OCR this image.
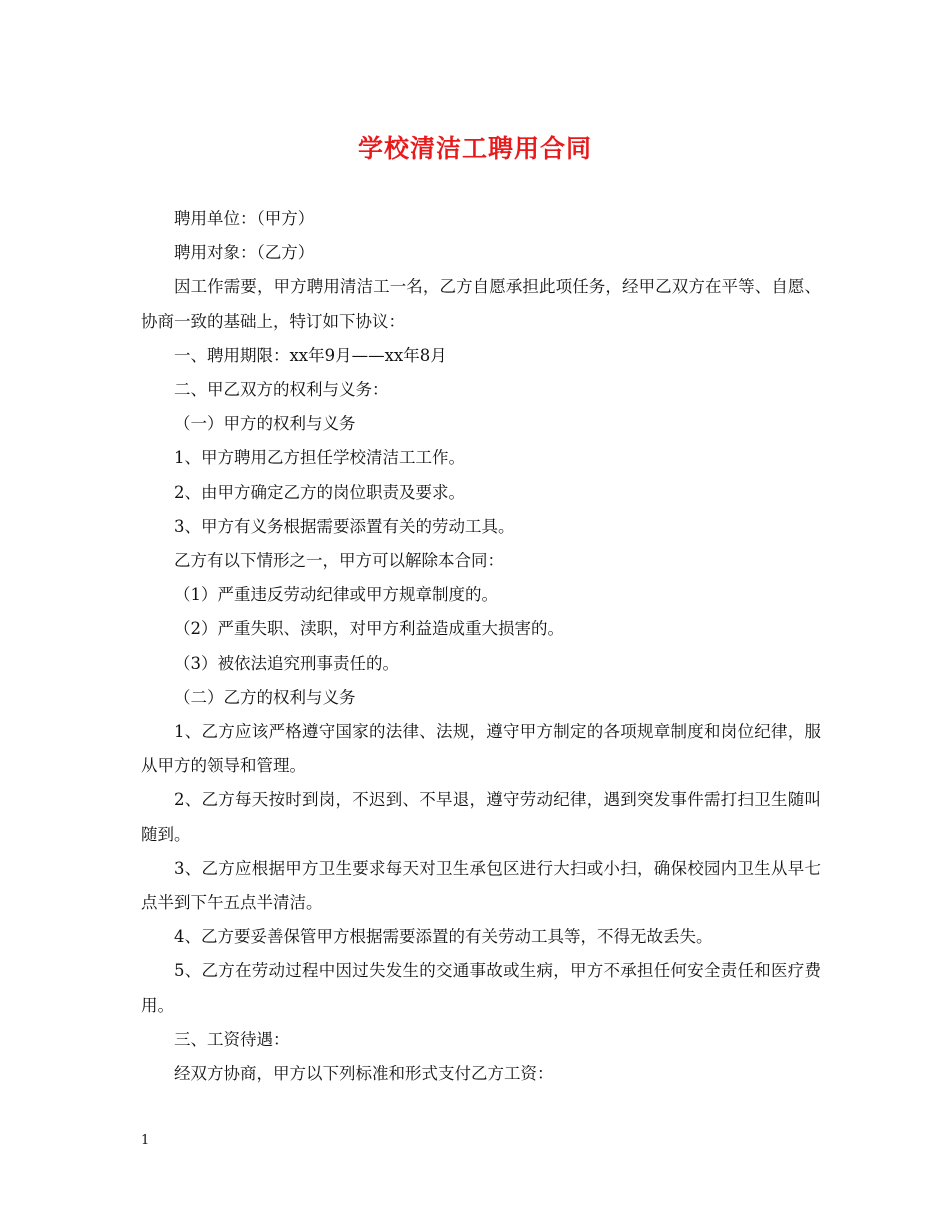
学校清洁工聘用合同

聘用单位：（甲方）

聘用对象：（乙方）

因工作需要，甲方聘用清洁工一名，乙方自愿承担此项任务，经甲乙双方在平等、自愿、协商一致的基础上，特订如下协议：

一、聘用期限：xx年9月——xx年8月

二、甲乙双方的权利与义务：

（一）甲方的权利与义务

1、甲方聘用乙方担任学校清洁工工作。

2、由甲方确定乙方的岗位职责及要求。

3、甲方有义务根据需要添置有关的劳动工具。

乙方有以下情形之一，甲方可以解除本合同：

（1）严重违反劳动纪律或甲方规章制度的。

（2）严重失职、渎职，对甲方利益造成重大损害的。

（3）被依法追究刑事责任的。

（二）乙方的权利与义务

1、乙方应该严格遵守国家的法律、法规，遵守甲方制定的各项规章制度和岗位纪律，服从甲方的领导和管理。

2、乙方每天按时到岗，不迟到、不早退，遵守劳动纪律，遇到突发事件需打扫卫生随叫随到。

3、乙方应根据甲方卫生要求每天对卫生承包区进行大扫或小扫，确保校园内卫生从早七点半到下午五点半清洁。

4、乙方要妥善保管甲方根据需要添置的有关劳动工具等，不得无故丢失。

5、乙方在劳动过程中因过失发生的交通事故或生病，甲方不承担任何安全责任和医疗费用。

三、工资待遇：

经双方协商，甲方以下列标准和形式支付乙方工资：

1
